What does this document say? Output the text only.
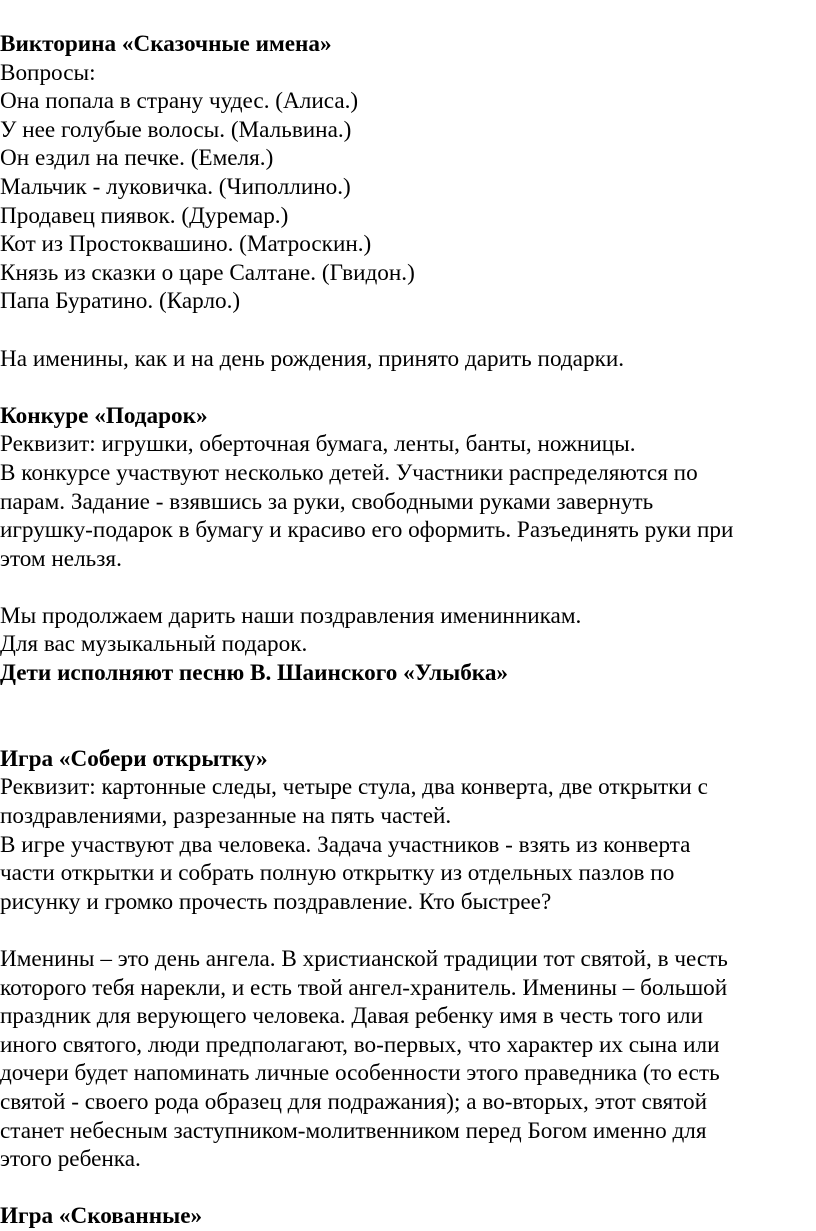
Викторина «Сказочные имена»
Вопросы:
Она попала в страну чудес. (Алиса.)
У нее голубые волосы. (Мальвина.)
Он ездил на печке. (Емеля.)
Мальчик - луковичка. (Чиполлино.)
Продавец пиявок. (Дуремар.)
Кот из Простоквашино. (Матроскин.)
Князь из сказки о царе Салтане. (Гвидон.)
Папа Буратино. (Карло.)
На именины, как и на день рождения, принято дарить подарки.
Конкуре «Подарок»
Реквизит: игрушки, оберточная бумага, ленты, банты, ножницы.
В конкурсе участвуют несколько детей. Участники распределяются по
парам. Задание - взявшись за руки, свободными руками завернуть
игрушку-подарок в бумагу и красиво его оформить. Разъединять руки при
этом нельзя.
Мы продолжаем дарить наши поздравления именинникам.
Для вас музыкальный подарок.
Дети исполняют песню В. Шаинского «Улыбка»
Игра «Собери открытку»
Реквизит: картонные следы, четыре стула, два конверта, две открытки с
поздравлениями, разрезанные на пять частей.
В игре участвуют два человека. Задача участников - взять из конверта
части открытки и собрать полную открытку из отдельных пазлов по
рисунку и громко прочесть поздравление. Кто быстрее?
Именины – это день ангела. В христианской традиции тот святой, в честь
которого тебя нарекли, и есть твой ангел-хранитель. Именины – большой
праздник для верующего человека. Давая ребенку имя в честь того или
иного святого, люди предполагают, во-первых, что характер их сына или
дочери будет напоминать личные особенности этого праведника (то есть
святой - своего рода образец для подражания); а во-вторых, этот святой
станет небесным заступником-молитвенником перед Богом именно для
этого ребенка.
Игра «Скованные»
